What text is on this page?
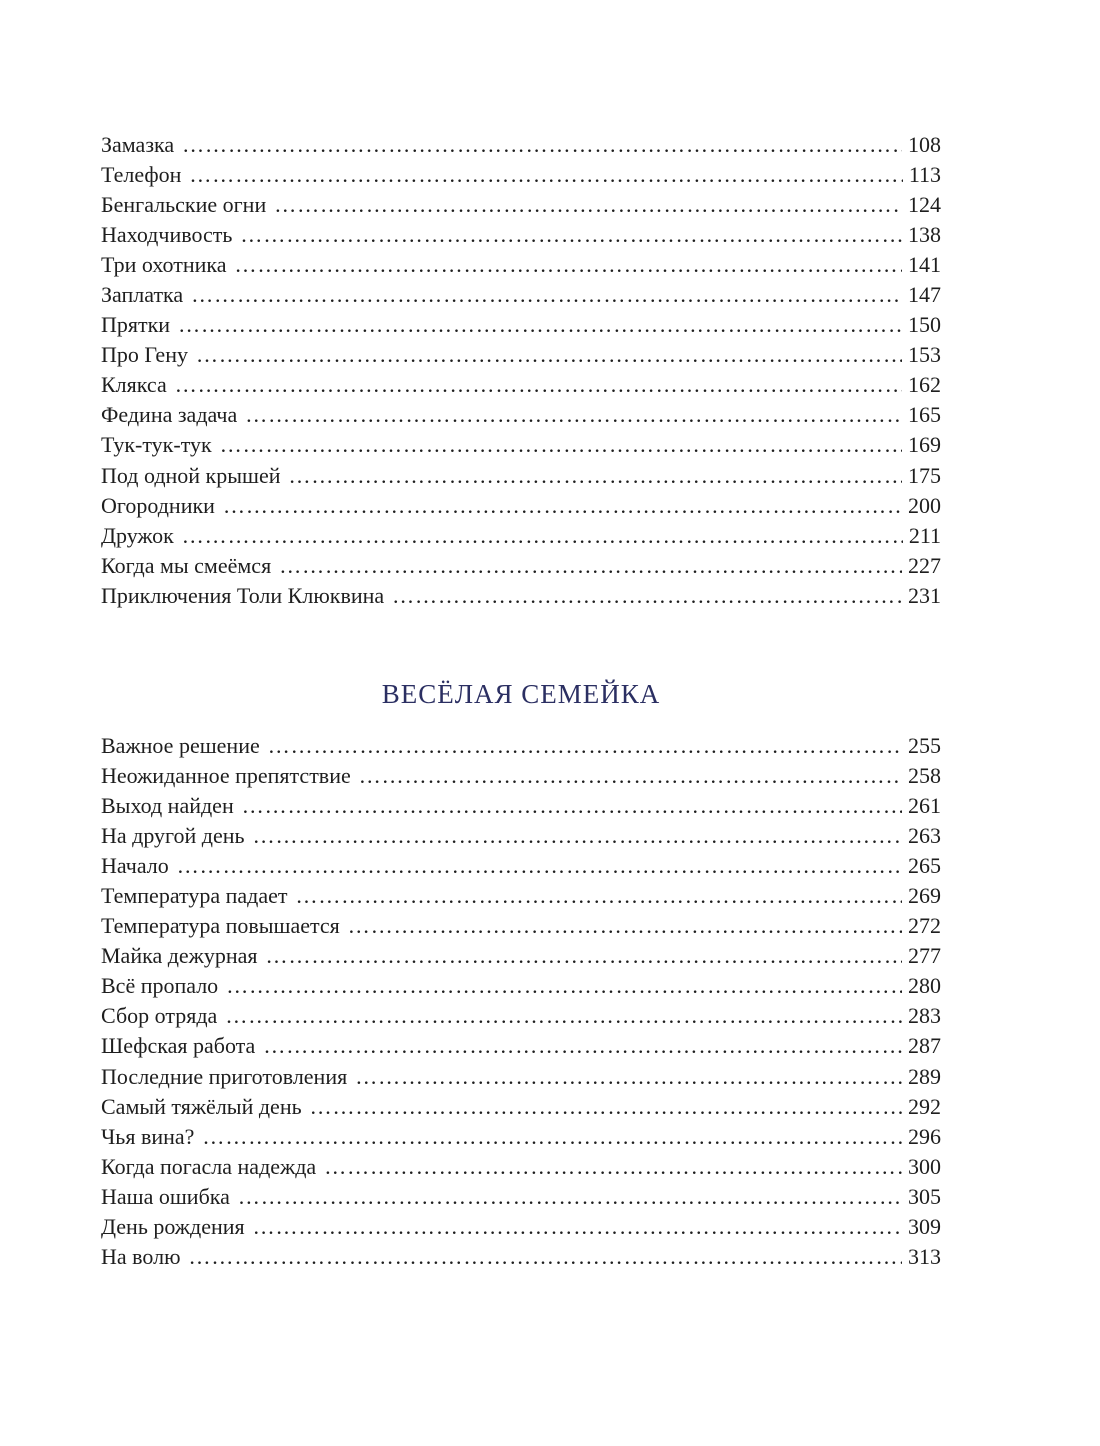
Замазка ………………………………………………………………………………………………………………………………………………………………………………………………………………………………………………	108
Телефон ………………………………………………………………………………………………………………………………………………………………………………………………………………………………………………	113
Бенгальские огни ………………………………………………………………………………………………………………………………………………………………………………………………………………………………………………	124
Находчивость ………………………………………………………………………………………………………………………………………………………………………………………………………………………………………………	138
Три охотника ………………………………………………………………………………………………………………………………………………………………………………………………………………………………………………	141
Заплатка ………………………………………………………………………………………………………………………………………………………………………………………………………………………………………………	147
Прятки ………………………………………………………………………………………………………………………………………………………………………………………………………………………………………………	150
Про Гену ………………………………………………………………………………………………………………………………………………………………………………………………………………………………………………	153
Клякса ………………………………………………………………………………………………………………………………………………………………………………………………………………………………………………	162
Федина задача ………………………………………………………………………………………………………………………………………………………………………………………………………………………………………………	165
Тук-тук-тук ………………………………………………………………………………………………………………………………………………………………………………………………………………………………………………	169
Под одной крышей ………………………………………………………………………………………………………………………………………………………………………………………………………………………………………………	175
Огородники ………………………………………………………………………………………………………………………………………………………………………………………………………………………………………………	200
Дружок ………………………………………………………………………………………………………………………………………………………………………………………………………………………………………………	211
Когда мы смеёмся ………………………………………………………………………………………………………………………………………………………………………………………………………………………………………………	227
Приключения Толи Клюквина ………………………………………………………………………………………………………………………………………………………………………………………………………………………………………………	231
ВЕСЁЛАЯ СЕМЕЙКА
Важное решение ………………………………………………………………………………………………………………………………………………………………………………………………………………………………………………	255
Неожиданное препятствие ………………………………………………………………………………………………………………………………………………………………………………………………………………………………………………	258
Выход найден ………………………………………………………………………………………………………………………………………………………………………………………………………………………………………………	261
На другой день ………………………………………………………………………………………………………………………………………………………………………………………………………………………………………………	263
Начало ………………………………………………………………………………………………………………………………………………………………………………………………………………………………………………	265
Температура падает ………………………………………………………………………………………………………………………………………………………………………………………………………………………………………………	269
Температура повышается ………………………………………………………………………………………………………………………………………………………………………………………………………………………………………………	272
Майка дежурная ………………………………………………………………………………………………………………………………………………………………………………………………………………………………………………	277
Всё пропало ………………………………………………………………………………………………………………………………………………………………………………………………………………………………………………	280
Сбор отряда ………………………………………………………………………………………………………………………………………………………………………………………………………………………………………………	283
Шефская работа ………………………………………………………………………………………………………………………………………………………………………………………………………………………………………………	287
Последние приготовления ………………………………………………………………………………………………………………………………………………………………………………………………………………………………………………	289
Самый тяжёлый день ………………………………………………………………………………………………………………………………………………………………………………………………………………………………………………	292
Чья вина? ………………………………………………………………………………………………………………………………………………………………………………………………………………………………………………	296
Когда погасла надежда ………………………………………………………………………………………………………………………………………………………………………………………………………………………………………………	300
Наша ошибка ………………………………………………………………………………………………………………………………………………………………………………………………………………………………………………	305
День рождения ………………………………………………………………………………………………………………………………………………………………………………………………………………………………………………	309
На волю ………………………………………………………………………………………………………………………………………………………………………………………………………………………………………………	313
